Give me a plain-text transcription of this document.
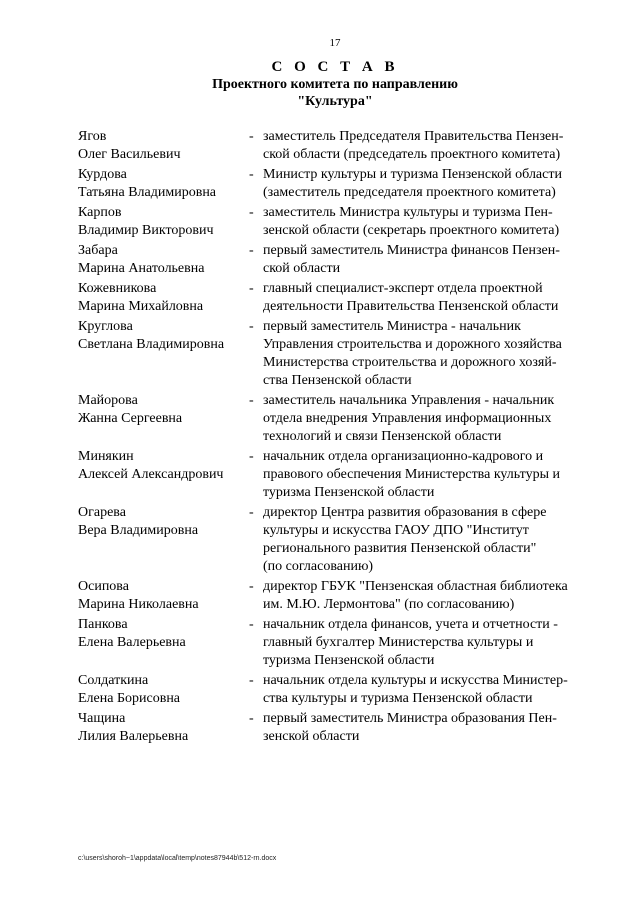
17
С О С Т А В
Проектного комитета по направлению
"Культура"
Ягов
Олег Васильевич
- заместитель Председателя Правительства Пензен-
ской области (председатель проектного комитета)
Курдова
Татьяна Владимировна
- Министр культуры и туризма Пензенской области
(заместитель председателя проектного комитета)
Карпов
Владимир Викторович
- заместитель Министра культуры и туризма Пен-
зенской области (секретарь проектного комитета)
Забара
Марина Анатольевна
- первый заместитель Министра финансов Пензен-
ской области
Кожевникова
Марина Михайловна
- главный специалист-эксперт отдела проектной
деятельности Правительства Пензенской области
Круглова
Светлана Владимировна
- первый заместитель Министра - начальник
Управления строительства и дорожного хозяйства
Министерства строительства и дорожного хозяй-
ства Пензенской области
Майорова
Жанна Сергеевна
- заместитель начальника Управления - начальник
отдела внедрения Управления информационных
технологий и связи Пензенской области
Минякин
Алексей Александрович
- начальник отдела организационно-кадрового и
правового обеспечения Министерства культуры и
туризма Пензенской области
Огарева
Вера Владимировна
- директор Центра развития образования в сфере
культуры и искусства ГАОУ ДПО "Институт
регионального развития Пензенской области"
(по согласованию)
Осипова
Марина Николаевна
- директор ГБУК "Пензенская областная библиотека
им. М.Ю. Лермонтова" (по согласованию)
Панкова
Елена Валерьевна
- начальник отдела финансов, учета и отчетности -
главный бухгалтер Министерства культуры и
туризма Пензенской области
Солдаткина
Елена Борисовна
- начальник отдела культуры и искусства Министер-
ства культуры и туризма Пензенской области
Чащина
Лилия Валерьевна
- первый заместитель Министра образования Пен-
зенской области
c:\users\shoroh~1\appdata\local\temp\notes87944b\512-rn.docx
